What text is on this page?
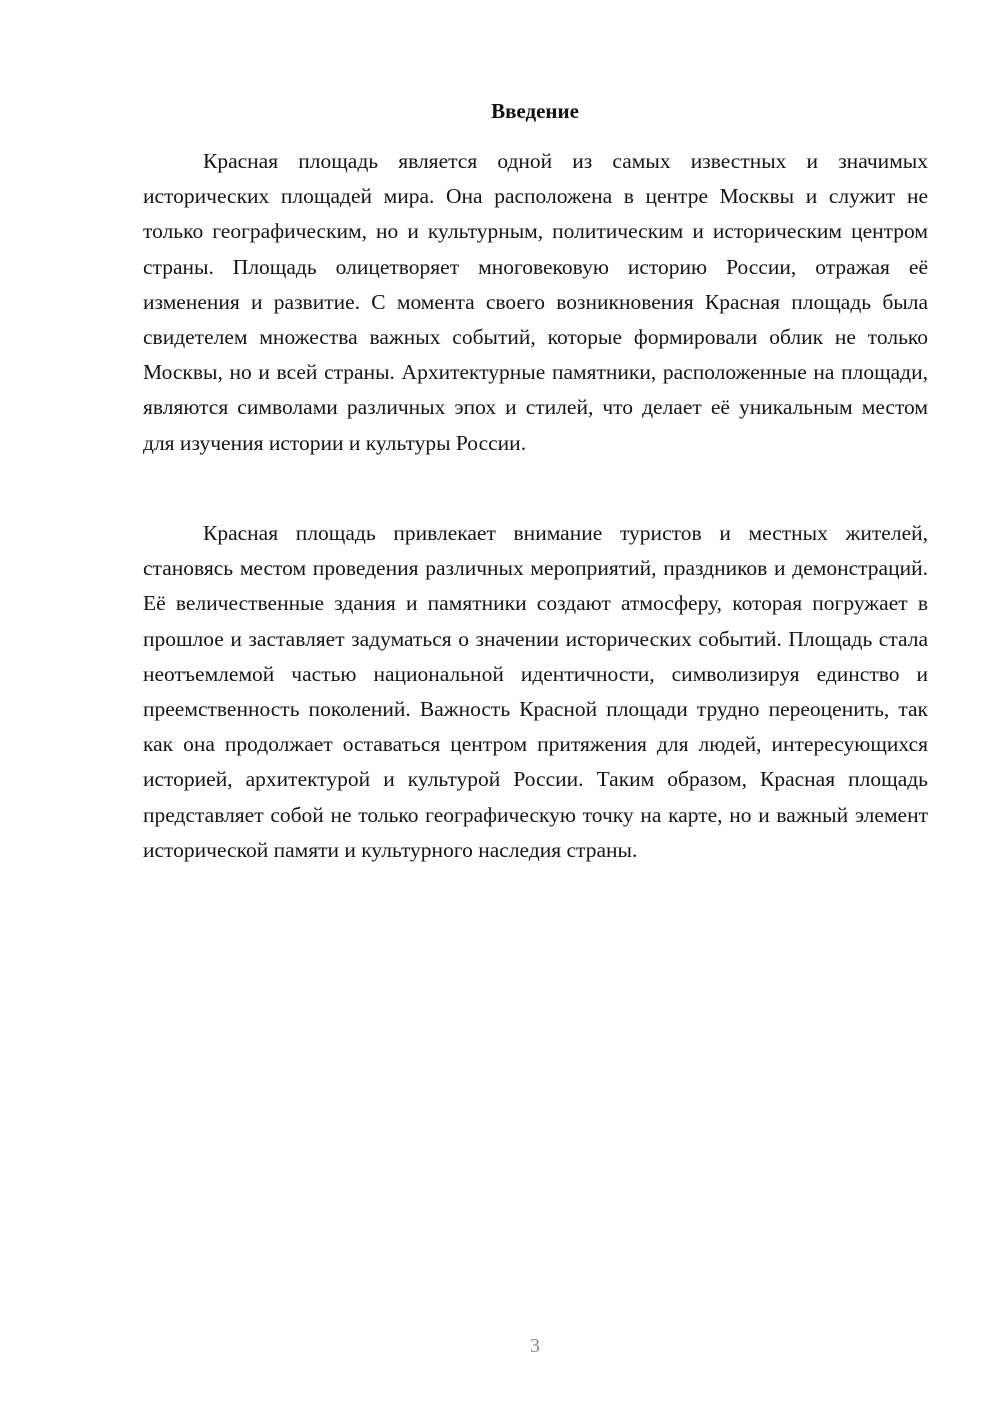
Введение

Красная площадь является одной из самых известных и значимых исторических площадей мира. Она расположена в центре Москвы и служит не только географическим, но и культурным, политическим и историческим центром страны. Площадь олицетворяет многовековую историю России, отражая её изменения и развитие. С момента своего возникновения Красная площадь была свидетелем множества важных событий, которые формировали облик не только Москвы, но и всей страны. Архитектурные памятники, расположенные на площади, являются символами различных эпох и стилей, что делает её уникальным местом для изучения истории и культуры России.

Красная площадь привлекает внимание туристов и местных жителей, становясь местом проведения различных мероприятий, праздников и демонстраций. Её величественные здания и памятники создают атмосферу, которая погружает в прошлое и заставляет задуматься о значении исторических событий. Площадь стала неотъемлемой частью национальной идентичности, символизируя единство и преемственность поколений. Важность Красной площади трудно переоценить, так как она продолжает оставаться центром притяжения для людей, интересующихся историей, архитектурой и культурой России. Таким образом, Красная площадь представляет собой не только географическую точку на карте, но и важный элемент исторической памяти и культурного наследия страны.

3
